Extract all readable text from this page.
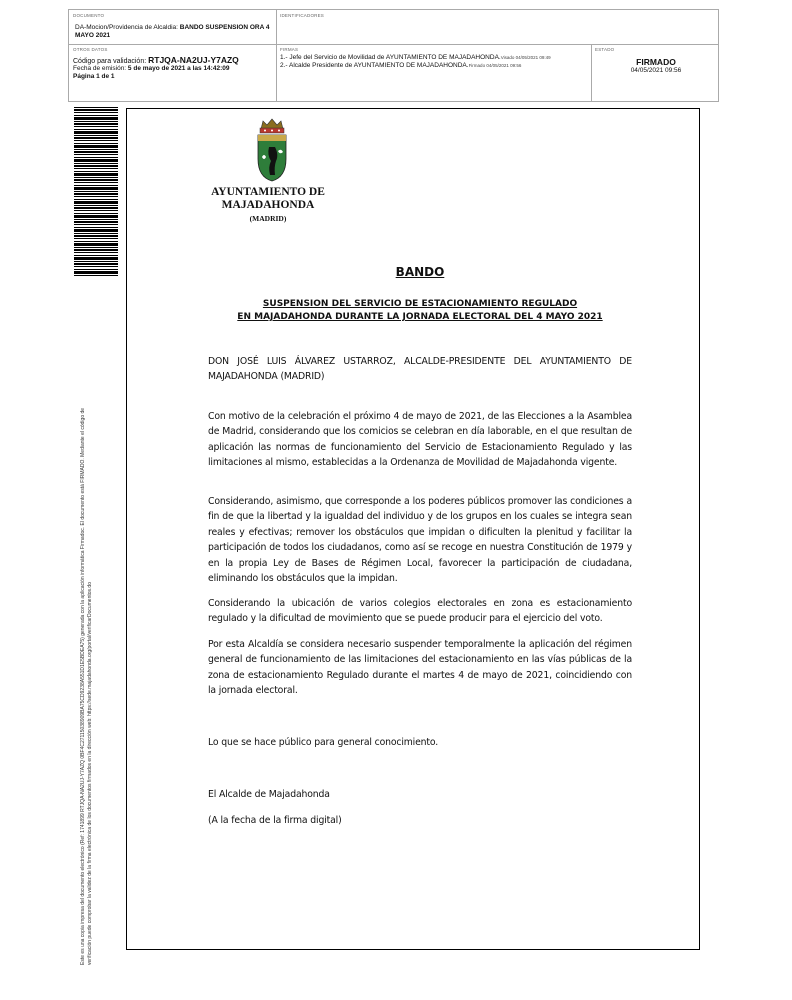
DOCUMENTO
DA-Mocion/Providencia de Alcaldia: BANDO SUSPENSION ORA 4 MAYO 2021
IDENTIFICADORES
OTROS DATOS
Código para validación: RTJQA-NA2UJ-Y7AZQ
Fecha de emisión: 5 de mayo de 2021 a las 14:42:09
Página 1 de 1
FIRMAS
1.- Jefe del Servicio de Movilidad de AYUNTAMIENTO DE MAJADAHONDA.Visado 04/05/2021 09:49
2.- Alcalde Presidente de AYUNTAMIENTO DE MAJADAHONDA.Firmado 04/05/2021 09:56
ESTADO
FIRMADO
04/05/2021 09:56
Este es una copia impresa del documento electrónico (Ref: 1741899 RTJQA-NA2UJ-Y7AZQ 0BF4C27115038909BA75CD9238A551D1E5BDEA75) generada con la aplicación informática Firmadoc. El documento está FIRMADO. Mediante el código de verificación puede comprobar la validez de la firma electrónica de los documentos firmados en la dirección web: https://sede.majadahonda.org/portal/verificarDocumentos.do
AYUNTAMIENTO DE
MAJADAHONDA
(MADRID)
BANDO
SUSPENSION DEL SERVICIO DE ESTACIONAMIENTO REGULADO
EN MAJADAHONDA DURANTE LA JORNADA ELECTORAL DEL 4 MAYO 2021
DON JOSÉ LUIS ÁLVAREZ USTARROZ, ALCALDE-PRESIDENTE DEL AYUNTAMIENTO DE MAJADAHONDA (MADRID)
Con motivo de la celebración el próximo 4 de mayo de 2021, de las Elecciones a la Asamblea de Madrid, considerando que los comicios se celebran en día laborable, en el que resultan de aplicación las normas de funcionamiento del Servicio de Estacionamiento Regulado y las limitaciones al mismo, establecidas a la Ordenanza de Movilidad de Majadahonda vigente.
Considerando, asimismo, que corresponde a los poderes públicos promover las condiciones a fin de que la libertad y la igualdad del individuo y de los grupos en los cuales se integra sean reales y efectivas; remover los obstáculos que impidan o dificulten la plenitud y facilitar la participación de todos los ciudadanos, como así se recoge en nuestra Constitución de 1979 y en la propia Ley de Bases de Régimen Local, favorecer la participación de ciudadana, eliminando los obstáculos que la impidan.
Considerando la ubicación de varios colegios electorales en zona es estacionamiento regulado y la dificultad de movimiento que se puede producir para el ejercicio del voto.
Por esta Alcaldía se considera necesario suspender temporalmente la aplicación del régimen general de funcionamiento de las limitaciones del estacionamiento en las vías públicas de la zona de estacionamiento Regulado durante el martes 4 de mayo de 2021, coincidiendo con la jornada electoral.
Lo que se hace público para general conocimiento.
El Alcalde de Majadahonda
(A la fecha de la firma digital)
